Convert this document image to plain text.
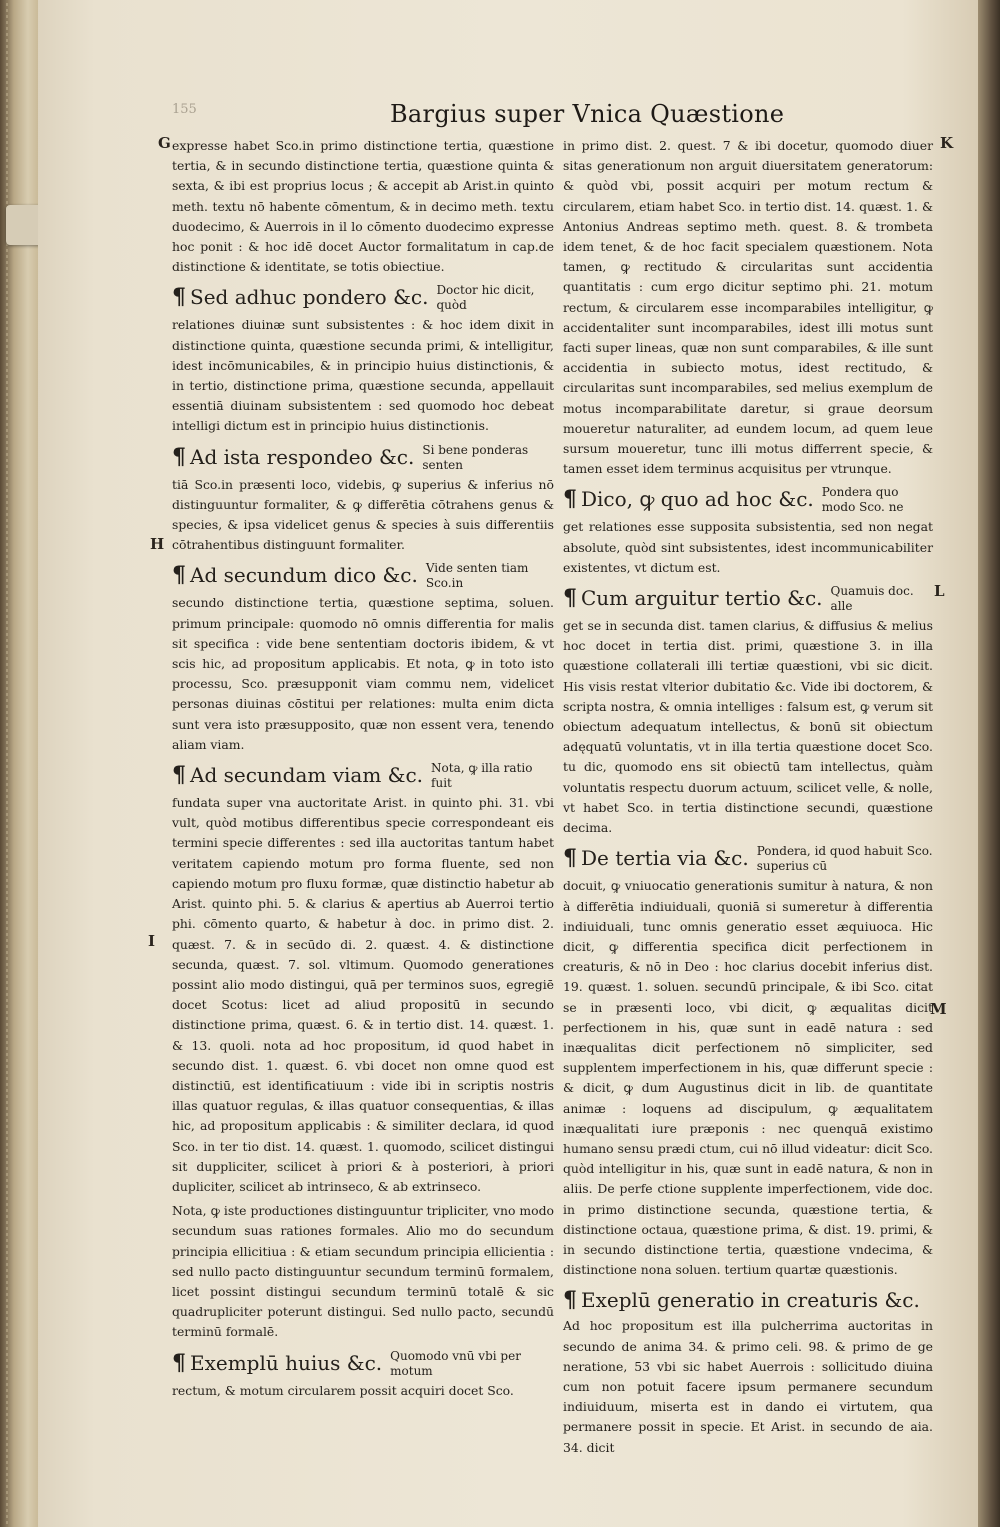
155	Bargius super Vnica Quæstione
G
H
I
K
L
M

expresse habet Sco.in primo distinctione tertia, quæstione tertia, & in secundo distinctione tertia, quæstione quinta & sexta, & ibi est proprius locus ; & accepit ab Arist.in quinto meth. textu nō habente cōmentum, & in decimo meth. textu duodecimo, & Auerrois in il lo cōmento duodecimo expresse hoc ponit : & hoc idē docet Auctor formalitatum in cap.de distinctione & identitate, se totis obiectiue.

¶ Sed adhuc pondero &c. Doctor hic dicit, quòd

relationes diuinæ sunt subsistentes : & hoc idem dixit in distinctione quinta, quæstione secunda primi, & intelligitur, idest incōmunicabiles, & in principio huius distinctionis, & in tertio, distinctione prima, quæstione secunda, appellauit essentiā diuinam subsistentem : sed quomodo hoc debeat intelligi dictum est in principio huius distinctionis.

¶ Ad ista respondeo &c. Si bene ponderas senten

tiā Sco.in præsenti loco, videbis, ꝙ superius & inferius nō distinguuntur formaliter, & ꝙ differētia cōtrahens genus & species, & ipsa videlicet genus & species à suis differentiis cōtrahentibus distinguunt formaliter.

¶ Ad secundum dico &c. Vide senten tiam Sco.in

secundo distinctione tertia, quæstione septima, soluen. primum principale: quomodo nō omnis differentia for malis sit specifica : vide bene sententiam doctoris ibidem, & vt scis hic, ad propositum applicabis. Et nota, ꝙ in toto isto processu, Sco. præsupponit viam commu nem, videlicet personas diuinas cōstitui per relationes: multa enim dicta sunt vera isto præsupposito, quæ non essent vera, tenendo aliam viam.

¶ Ad secundam viam &c. Nota, ꝙ illa ratio fuit

fundata super vna auctoritate Arist. in quinto phi. 31. vbi vult, quòd motibus differentibus specie correspondeant eis termini specie differentes : sed illa auctoritas tantum habet veritatem capiendo motum pro forma fluente, sed non capiendo motum pro fluxu formæ, quæ distinctio habetur ab Arist. quinto phi. 5. & clarius & apertius ab Auerroi tertio phi. cōmento quarto, & habetur à doc. in primo dist. 2. quæst. 7. & in secūdo di. 2. quæst. 4. & distinctione secunda, quæst. 7. sol. vltimum. Quomodo generationes possint alio modo distingui, quā per terminos suos, egregiē docet Scotus: licet ad aliud propositū in secundo distinctione prima, quæst. 6. & in tertio dist. 14. quæst. 1. & 13. quoli. nota ad hoc propositum, id quod habet in secundo dist. 1. quæst. 6. vbi docet non omne quod est distinctiū, est identificatiuum : vide ibi in scriptis nostris illas quatuor regulas, & illas quatuor consequentias, & illas hic, ad propositum applicabis : & similiter declara, id quod Sco. in ter tio dist. 14. quæst. 1. quomodo, scilicet distingui sit duppliciter, scilicet à priori & à posteriori, à priori dupliciter, scilicet ab intrinseco, & ab extrinseco.

Nota, ꝙ iste productiones distinguuntur tripliciter, vno modo secundum suas rationes formales. Alio mo do secundum principia ellicitiua : & etiam secundum principia ellicientia : sed nullo pacto distinguuntur secundum terminū formalem, licet possint distingui secundum terminū totalē & sic quadrupliciter poterunt distingui. Sed nullo pacto, secundū terminū formalē.

¶ Exemplū huius &c. Quomodo vnū vbi per motum

rectum, & motum circularem possit acquiri docet Sco.

in primo dist. 2. quest. 7 & ibi docetur, quomodo diuer sitas generationum non arguit diuersitatem generatorum: & quòd vbi, possit acquiri per motum rectum & circularem, etiam habet Sco. in tertio dist. 14. quæst. 1. & Antonius Andreas septimo meth. quest. 8. & trombeta idem tenet, & de hoc facit specialem quæstionem. Nota tamen, ꝙ rectitudo & circularitas sunt accidentia quantitatis : cum ergo dicitur septimo phi. 21. motum rectum, & circularem esse incomparabiles intelligitur, ꝙ accidentaliter sunt incomparabiles, idest illi motus sunt facti super lineas, quæ non sunt comparabiles, & ille sunt accidentia in subiecto motus, idest rectitudo, & circularitas sunt incomparabiles, sed melius exemplum de motus incomparabilitate daretur, si graue deorsum moueretur naturaliter, ad eundem locum, ad quem leue sursum moueretur, tunc illi motus differrent specie, & tamen esset idem terminus acquisitus per vtrunque.

¶ Dico, ꝙ quo ad hoc &c. Pondera quo modo Sco. ne

get relationes esse supposita subsistentia, sed non negat absolute, quòd sint subsistentes, idest incommunicabiliter existentes, vt dictum est.

¶ Cum arguitur tertio &c. Quamuis doc. alle

get se in secunda dist. tamen clarius, & diffusius & melius hoc docet in tertia dist. primi, quæstione 3. in illa quæstione collaterali illi tertiæ quæstioni, vbi sic dicit. His visis restat vlterior dubitatio &c. Vide ibi doctorem, & scripta nostra, & omnia intelliges : falsum est, ꝙ verum sit obiectum adequatum intellectus, & bonū sit obiectum adęquatū voluntatis, vt in illa tertia quæstione docet Sco. tu dic, quomodo ens sit obiectū tam intellectus, quàm voluntatis respectu duorum actuum, scilicet velle, & nolle, vt habet Sco. in tertia distinctione secundi, quæstione decima.

¶ De tertia via &c. Pondera, id quod habuit Sco. superius cū

docuit, ꝙ vniuocatio generationis sumitur à natura, & non à differētia indiuiduali, quoniā si sumeretur à differentia indiuiduali, tunc omnis generatio esset æquiuoca. Hic dicit, ꝙ differentia specifica dicit perfectionem in creaturis, & nō in Deo : hoc clarius docebit inferius dist. 19. quæst. 1. soluen. secundū principale, & ibi Sco. citat se in præsenti loco, vbi dicit, ꝙ æqualitas dicit perfectionem in his, quæ sunt in eadē natura : sed inæqualitas dicit perfectionem nō simpliciter, sed supplentem imperfectionem in his, quæ differunt specie : & dicit, ꝙ dum Augustinus dicit in lib. de quantitate animæ : loquens ad discipulum, ꝙ æqualitatem inæqualitati iure præponis : nec quenquā existimo humano sensu prædi ctum, cui nō illud videatur: dicit Sco. quòd intelligitur in his, quæ sunt in eadē natura, & non in aliis. De perfe ctione supplente imperfectionem, vide doc. in primo distinctione secunda, quæstione tertia, & distinctione octaua, quæstione prima, & dist. 19. primi, & in secundo distinctione tertia, quæstione vndecima, & distinctione nona soluen. tertium quartæ quæstionis.

¶ Exeplū generatio in creaturis &c.

Ad hoc propositum est illa pulcherrima auctoritas in secundo de anima 34. & primo celi. 98. & primo de ge neratione, 53 vbi sic habet Auerrois : sollicitudo diuina cum non potuit facere ipsum permanere secundum indiuiduum, miserta est in dando ei virtutem, qua permanere possit in specie. Et Arist. in secundo de aia. 34. dicit
